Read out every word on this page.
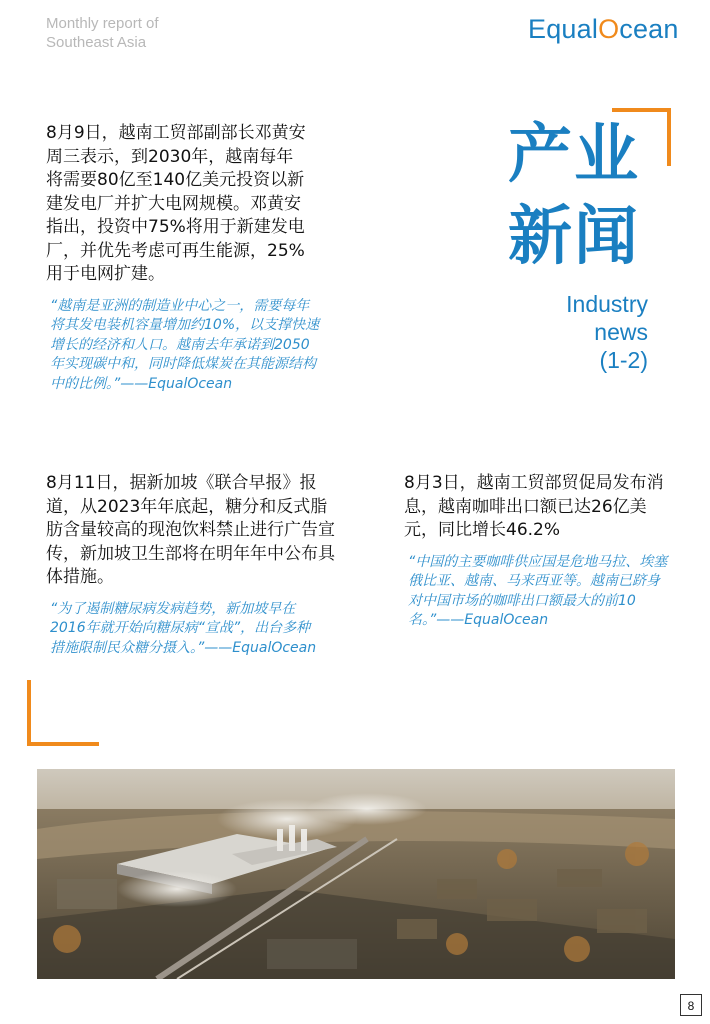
Monthly report of
Southeast Asia	EqualOcean
产业
新闻
Industry
news
(1-2)

8月9日，越南工贸部副部长邓黄安周三表示，到2030年，越南每年将需要80亿至140亿美元投资以新建发电厂并扩大电网规模。邓黄安指出，投资中75%将用于新建发电厂，并优先考虑可再生能源，25%用于电网扩建。

“越南是亚洲的制造业中心之一，需要每年将其发电装机容量增加约10%，以支撑快速增长的经济和人口。越南去年承诺到2050年实现碳中和，同时降低煤炭在其能源结构中的比例。”——EqualOcean

8月11日，据新加坡《联合早报》报道，从2023年年底起，糖分和反式脂肪含量较高的现泡饮料禁止进行广告宣传，新加坡卫生部将在明年年中公布具体措施。

“为了遏制糖尿病发病趋势，新加坡早在2016年就开始向糖尿病“宣战”，出台多种措施限制民众糖分摄入。”——EqualOcean

8月3日，越南工贸部贸促局发布消息，越南咖啡出口额已达26亿美元，同比增长46.2%

“中国的主要咖啡供应国是危地马拉、埃塞俄比亚、越南、马来西亚等。越南已跻身对中国市场的咖啡出口额最大的前10名。”——EqualOcean

8
